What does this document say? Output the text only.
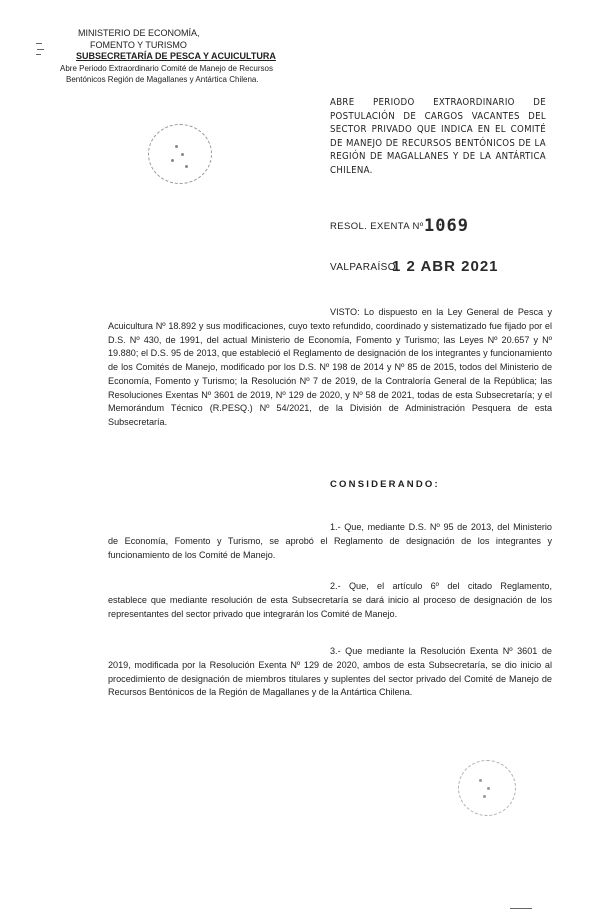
MINISTERIO DE ECONOMÍA,
FOMENTO Y TURISMO
SUBSECRETARÍA DE PESCA Y ACUICULTURA
Abre Periodo Extraordinario Comité de Manejo de Recursos
Bentónicos Región de Magallanes y Antártica Chilena.
ABRE PERIODO EXTRAORDINARIO DE POSTULACIÓN DE CARGOS VACANTES DEL SECTOR PRIVADO QUE INDICA EN EL COMITÉ DE MANEJO DE RECURSOS BENTÓNICOS DE LA REGIÓN DE MAGALLANES Y DE LA ANTÁRTICA CHILENA.
RESOL. EXENTA Nº 1069
VALPARAÍSO,
1 2 ABR 2021
VISTO: Lo dispuesto en la Ley General de Pesca y Acuicultura Nº 18.892 y sus modificaciones, cuyo texto refundido, coordinado y sistematizado fue fijado por el D.S. Nº 430, de 1991, del actual Ministerio de Economía, Fomento y Turismo; las Leyes Nº 20.657 y Nº 19.880; el D.S. 95 de 2013, que estableció el Reglamento de designación de los integrantes y funcionamiento de los Comités de Manejo, modificado por los D.S. Nº 198 de 2014 y Nº 85 de 2015, todos del Ministerio de Economía, Fomento y Turismo; la Resolución Nº 7 de 2019, de la Contraloría General de la República; las Resoluciones Exentas Nº 3601 de 2019, Nº 129 de 2020, y Nº 58 de 2021, todas de esta Subsecretaría; y el Memorándum Técnico (R.PESQ.) Nº 54/2021, de la División de Administración Pesquera de esta Subsecretaría.
CONSIDERANDO:
1.- Que, mediante D.S. Nº 95 de 2013, del Ministerio de Economía, Fomento y Turismo, se aprobó el Reglamento de designación de los integrantes y funcionamiento de los Comité de Manejo.
2.- Que, el artículo 6º del citado Reglamento, establece que mediante resolución de esta Subsecretaría se dará inicio al proceso de designación de los representantes del sector privado que integrarán los Comité de Manejo.
3.- Que mediante la Resolución Exenta Nº 3601 de 2019, modificada por la Resolución Exenta Nº 129 de 2020, ambos de esta Subsecretaría, se dio inicio al procedimiento de designación de miembros titulares y suplentes del sector privado del Comité de Manejo de Recursos Bentónicos de la Región de Magallanes y de la Antártica Chilena.
